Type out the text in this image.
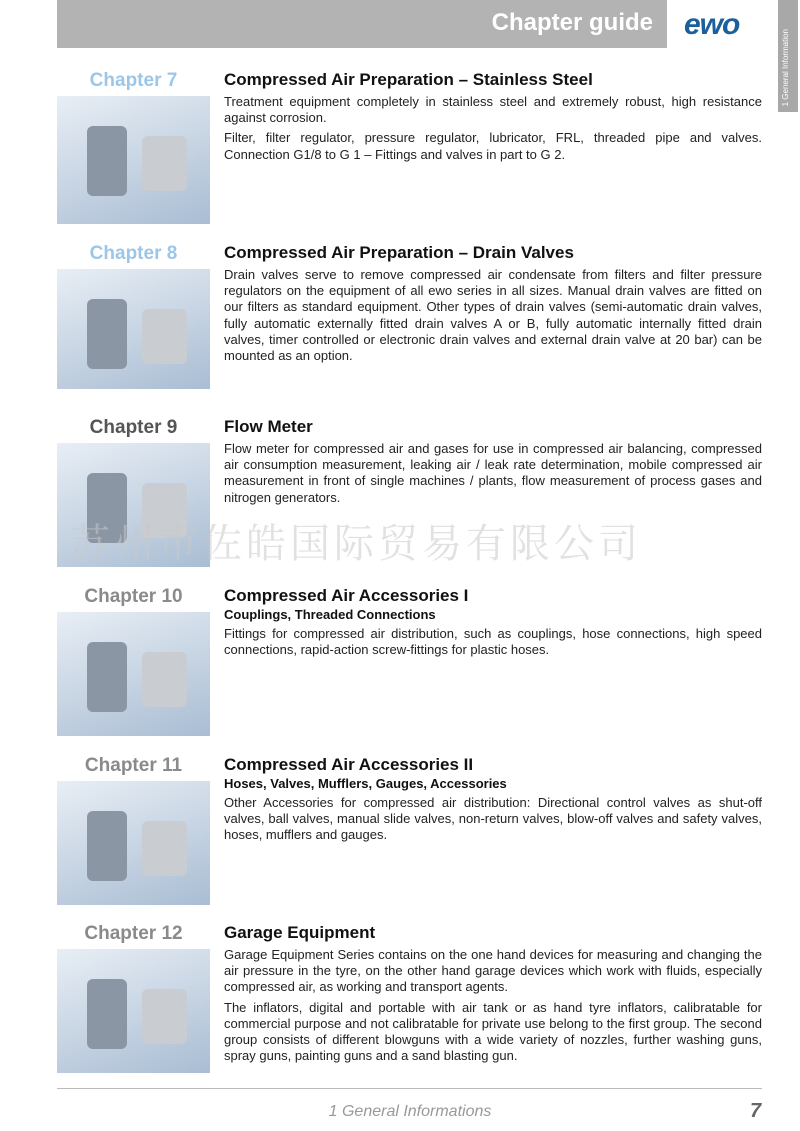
Chapter guide ewo
1 General Information
Chapter 7	Compressed Air Preparation – Stainless Steel

Treatment equipment completely in stainless steel and extremely robust, high resistance against corrosion.

Filter, filter regulator, pressure regulator, lubricator, FRL, threaded pipe and valves. Connection G1/8 to G 1 – Fittings and valves in part to G 2.

Chapter 8	Compressed Air Preparation – Drain Valves

Drain valves serve to remove compressed air condensate from filters and filter pressure regulators on the equipment of all ewo series in all sizes. Manual drain valves are fitted on our filters as standard equipment. Other types of drain valves (semi-automatic drain valves, fully automatic externally fitted drain valves A or B, fully automatic internally fitted drain valves, timer controlled or electronic drain valves and external drain valve at 20 bar) can be mounted as an option.

Chapter 9	Flow Meter

Flow meter for compressed air and gases for use in compressed air balancing, compressed air consumption measurement, leaking air / leak rate determination, mobile compressed air measurement in front of single machines / plants, flow measurement of process gases and nitrogen generators.

Chapter 10	Compressed Air Accessories I
Couplings, Threaded Connections

Fittings for compressed air distribution, such as couplings, hose connections, high speed connections, rapid-action screw-fittings for plastic hoses.

Chapter 11	Compressed Air Accessories II
Hoses, Valves, Mufflers, Gauges, Accessories

Other Accessories for compressed air distribution: Directional control valves as shut-off valves, ball valves, manual slide valves, non-return valves, blow-off valves and safety valves, hoses, mufflers and gauges.

Chapter 12	Garage Equipment

Garage Equipment Series contains on the one hand devices for measuring and changing the air pressure in the tyre, on the other hand garage devices which work with fluids, especially compressed air, as working and transport agents.

The inflators, digital and portable with air tank or as hand tyre inflators, calibratable for commercial purpose and not calibratable for private use belong to the first group. The second group consists of different blowguns with a wide variety of nozzles, further washing guns, spray guns, painting guns and a sand blasting gun.

苏州市佐皓国际贸易有限公司
1 General Informations	7
